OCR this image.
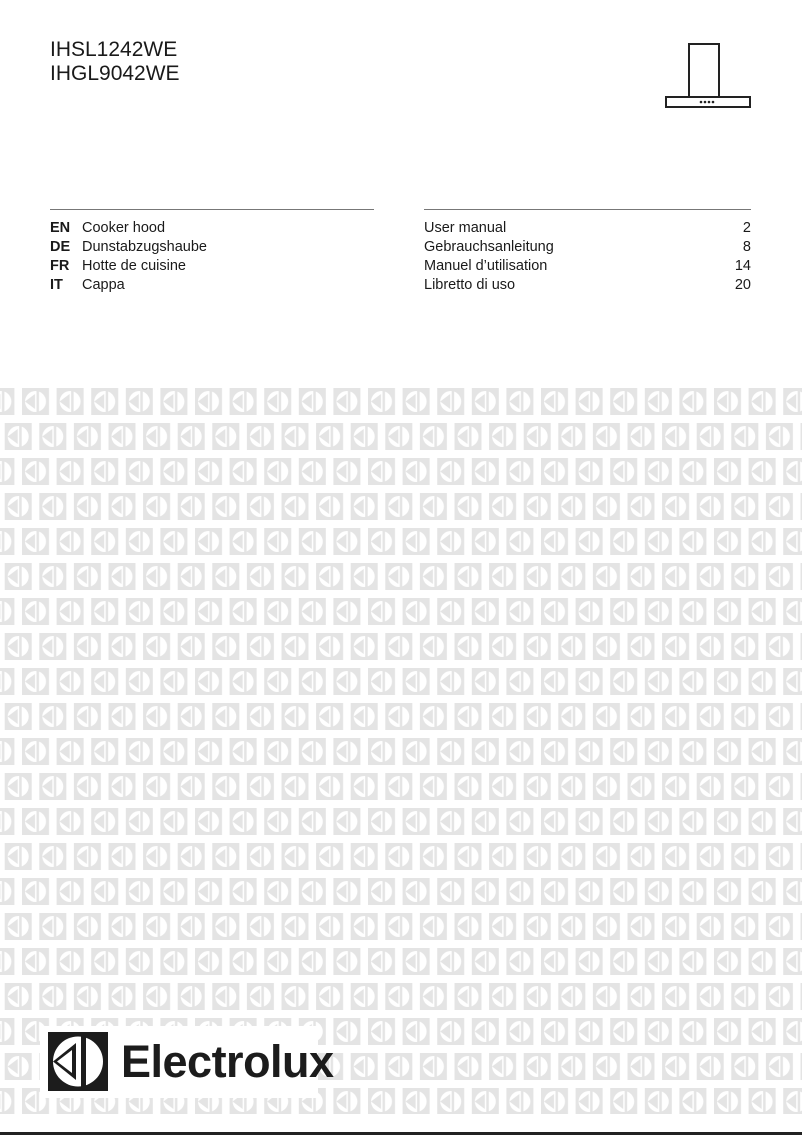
IHSL1242WE
IHGL9042WE
EN Cooker hood
DE Dunstabzugshaube
FR Hotte de cuisine
IT	Cappa
User manual	2
Gebrauchsanleitung	8
Manuel d’utilisation	14
Libretto di uso	20
Electrolux
